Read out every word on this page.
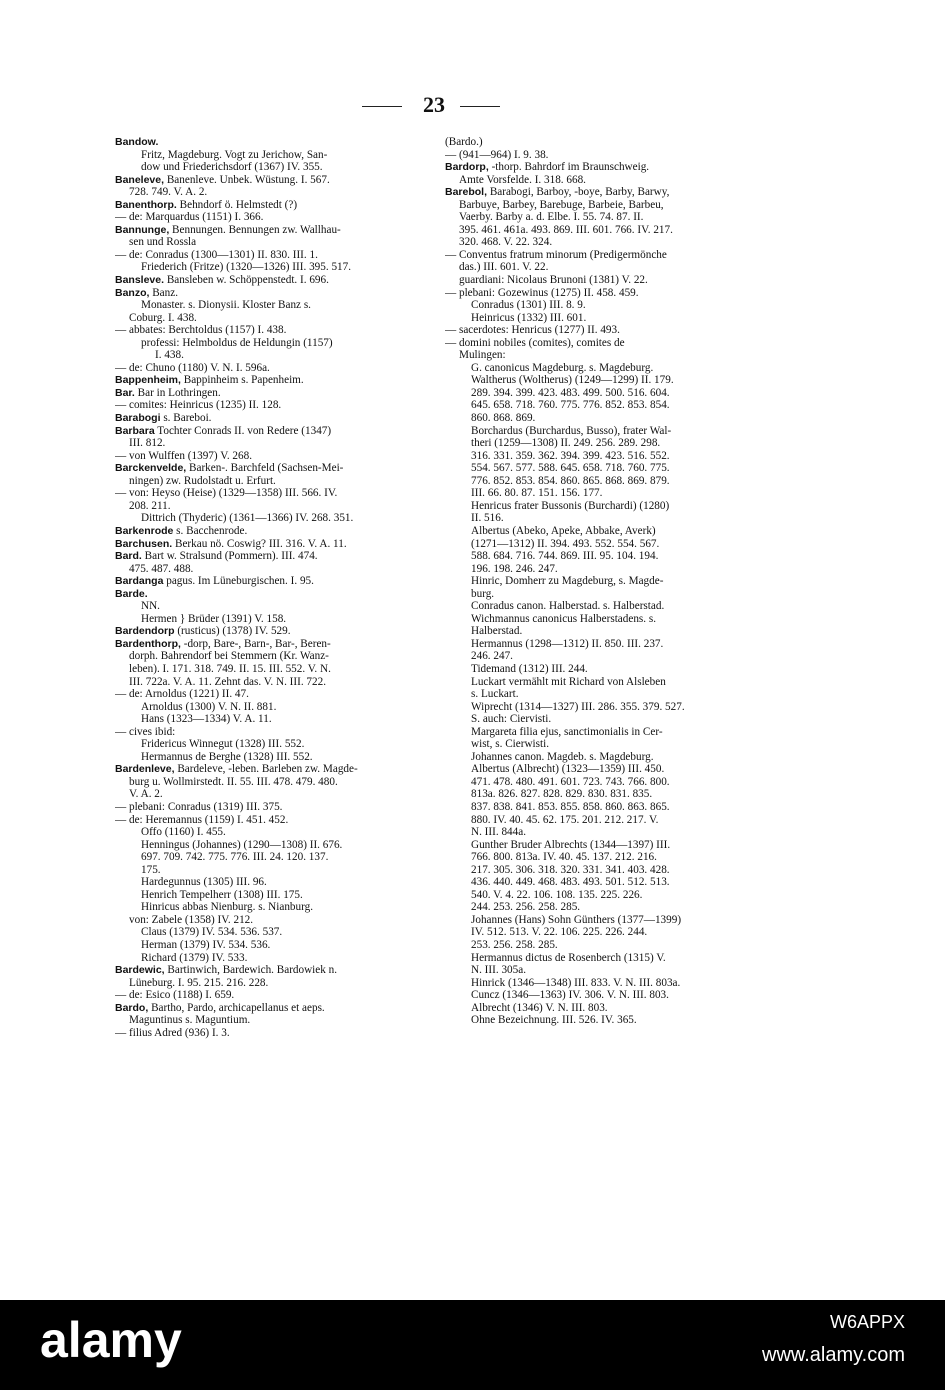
23
Bandow.
Fritz, Magdeburg. Vogt zu Jerichow, San-
dow und Friederichsdorf (1367) IV. 355.
Baneleve, Banenleve. Unbek. Wüstung. I. 567.
728. 749. V. A. 2.
Banenthorp. Behndorf ö. Helmstedt (?)
— de: Marquardus (1151) I. 366.
Bannunge, Bennungen. Bennungen zw. Wallhau-
sen und Rossla
— de: Conradus (1300—1301) II. 830. III. 1.
Friederich (Fritze) (1320—1326) III. 395. 517.
Bansleve. Bansleben w. Schöppenstedt. I. 696.
Banzo, Banz.
Monaster. s. Dionysii. Kloster Banz s.
Coburg. I. 438.
— abbates: Berchtoldus (1157) I. 438.
professi: Helmboldus de Heldungin (1157)
I. 438.
— de: Chuno (1180) V. N. I. 596a.
Bappenheim, Bappinheim s. Papenheim.
Bar. Bar in Lothringen.
— comites: Heinricus (1235) II. 128.
Barabogi s. Bareboi.
Barbara Tochter Conrads II. von Redere (1347)
III. 812.
— von Wulffen (1397) V. 268.
Barckenvelde, Barken-. Barchfeld (Sachsen-Mei-
ningen) zw. Rudolstadt u. Erfurt.
— von: Heyso (Heise) (1329—1358) III. 566. IV.
208. 211.
Dittrich (Thyderic) (1361—1366) IV. 268. 351.
Barkenrode s. Bacchenrode.
Barchusen. Berkau nö. Coswig? III. 316. V. A. 11.
Bard. Bart w. Stralsund (Pommern). III. 474.
475. 487. 488.
Bardanga pagus. Im Lüneburgischen. I. 95.
Barde.
NN.
Hermen } Brüder (1391) V. 158.
Bardendorp (rusticus) (1378) IV. 529.
Bardenthorp, -dorp, Bare-, Barn-, Bar-, Beren-
dorph. Bahrendorf bei Stemmern (Kr. Wanz-
leben). I. 171. 318. 749. II. 15. III. 552. V. N.
III. 722a. V. A. 11. Zehnt das. V. N. III. 722.
— de: Arnoldus (1221) II. 47.
Arnoldus (1300) V. N. II. 881.
Hans (1323—1334) V. A. 11.
— cives ibid:
Fridericus Winnegut (1328) III. 552.
Hermannus de Berghe (1328) III. 552.
Bardenleve, Bardeleve, -leben. Barleben zw. Magde-
burg u. Wollmirstedt. II. 55. III. 478. 479. 480.
V. A. 2.
— plebani: Conradus (1319) III. 375.
— de: Heremannus (1159) I. 451. 452.
Offo (1160) I. 455.
Henningus (Johannes) (1290—1308) II. 676.
697. 709. 742. 775. 776. III. 24. 120. 137.
175.
Hardegunnus (1305) III. 96.
Henrich Tempelherr (1308) III. 175.
Hinricus abbas Nienburg. s. Nianburg.
von: Zabele (1358) IV. 212.
Claus (1379) IV. 534. 536. 537.
Herman (1379) IV. 534. 536.
Richard (1379) IV. 533.
Bardewic, Bartinwich, Bardewich. Bardowiek n.
Lüneburg. I. 95. 215. 216. 228.
— de: Esico (1188) I. 659.
Bardo, Bartho, Pardo, archicapellanus et aeps.
Maguntinus s. Maguntium.
— filius Adred (936) I. 3.
(Bardo.)
— (941—964) I. 9. 38.
Bardorp, -thorp. Bahrdorf im Braunschweig.
Amte Vorsfelde. I. 318. 668.
Barebol, Barabogi, Barboy, -boye, Barby, Barwy,
Barbuye, Barbey, Barebuge, Barbeie, Barbeu,
Vaerby. Barby a. d. Elbe. I. 55. 74. 87. II.
395. 461. 461a. 493. 869. III. 601. 766. IV. 217.
320. 468. V. 22. 324.
— Conventus fratrum minorum (Predigermönche
das.) III. 601. V. 22.
guardiani: Nicolaus Brunoni (1381) V. 22.
— plebani: Gozewinus (1275) II. 458. 459.
Conradus (1301) III. 8. 9.
Heinricus (1332) III. 601.
— sacerdotes: Henricus (1277) II. 493.
— domini nobiles (comites), comites de
Mulingen:
G. canonicus Magdeburg. s. Magdeburg.
Waltherus (Woltherus) (1249—1299) II. 179.
289. 394. 399. 423. 483. 499. 500. 516. 604.
645. 658. 718. 760. 775. 776. 852. 853. 854.
860. 868. 869.
Borchardus (Burchardus, Busso), frater Wal-
theri (1259—1308) II. 249. 256. 289. 298.
316. 331. 359. 362. 394. 399. 423. 516. 552.
554. 567. 577. 588. 645. 658. 718. 760. 775.
776. 852. 853. 854. 860. 865. 868. 869. 879.
III. 66. 80. 87. 151. 156. 177.
Henricus frater Bussonis (Burchardi) (1280)
II. 516.
Albertus (Abeko, Apeke, Abbake, Averk)
(1271—1312) II. 394. 493. 552. 554. 567.
588. 684. 716. 744. 869. III. 95. 104. 194.
196. 198. 246. 247.
Hinric, Domherr zu Magdeburg, s. Magde-
burg.
Conradus canon. Halberstad. s. Halberstad.
Wichmannus canonicus Halberstadens. s.
Halberstad.
Hermannus (1298—1312) II. 850. III. 237.
246. 247.
Tidemand (1312) III. 244.
Luckart vermählt mit Richard von Alsleben
s. Luckart.
Wiprecht (1314—1327) III. 286. 355. 379. 527.
S. auch: Ciervisti.
Margareta filia ejus, sanctimonialis in Cer-
wist, s. Cierwisti.
Johannes canon. Magdeb. s. Magdeburg.
Albertus (Albrecht) (1323—1359) III. 450.
471. 478. 480. 491. 601. 723. 743. 766. 800.
813a. 826. 827. 828. 829. 830. 831. 835.
837. 838. 841. 853. 855. 858. 860. 863. 865.
880. IV. 40. 45. 62. 175. 201. 212. 217. V.
N. III. 844a.
Gunther Bruder Albrechts (1344—1397) III.
766. 800. 813a. IV. 40. 45. 137. 212. 216.
217. 305. 306. 318. 320. 331. 341. 403. 428.
436. 440. 449. 468. 483. 493. 501. 512. 513.
540. V. 4. 22. 106. 108. 135. 225. 226.
244. 253. 256. 258. 285.
Johannes (Hans) Sohn Günthers (1377—1399)
IV. 512. 513. V. 22. 106. 225. 226. 244.
253. 256. 258. 285.
Hermannus dictus de Rosenberch (1315) V.
N. III. 305a.
Hinrick (1346—1348) III. 833. V. N. III. 803a.
Cuncz (1346—1363) IV. 306. V. N. III. 803.
Albrecht (1346) V. N. III. 803.
Ohne Bezeichnung. III. 526. IV. 365.
alamy	W6APPX
www.alamy.com
